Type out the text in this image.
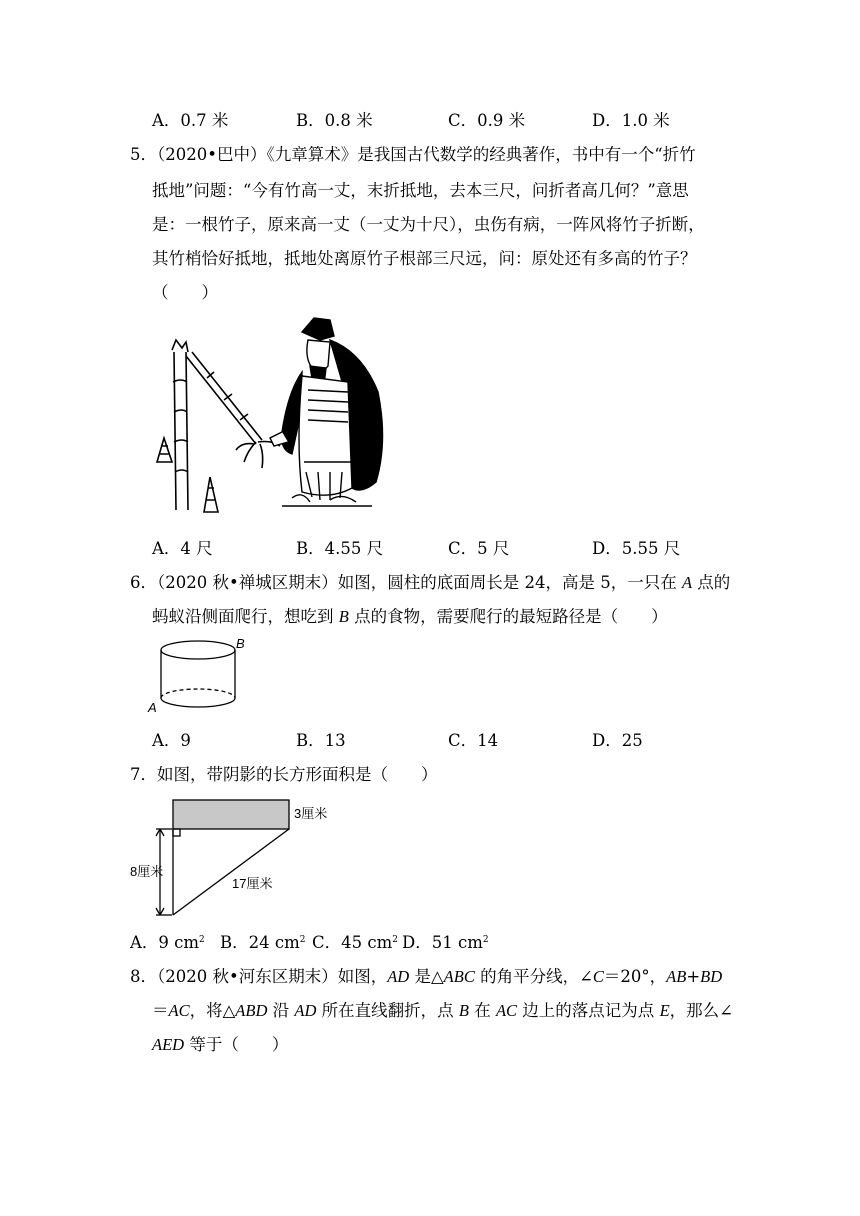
A．0.7 米	B．0.8 米	C．0.9 米	D．1.0 米
5．（2020•巴中）《九章算术》是我国古代数学的经典著作，书中有一个“折竹
抵地”问题：“今有竹高一丈，末折抵地，去本三尺，问折者高几何？”意思
是：一根竹子，原来高一丈（一丈为十尺），虫伤有病，一阵风将竹子折断，
其竹梢恰好抵地，抵地处离原竹子根部三尺远，问：原处还有多高的竹子？
（　　）
A．4 尺	B．4.55 尺	C．5 尺	D．5.55 尺
6．（2020 秋•禅城区期末）如图，圆柱的底面周长是 24，高是 5，一只在 A 点的
蚂蚁沿侧面爬行，想吃到 B 点的食物，需要爬行的最短路径是（　　）
B
A
A．9	B．13	C．14	D．25
7．如图，带阴影的长方形面积是（　　）
3厘米
8厘米
17厘米
A．9 $cm^2$ B．24 $cm^2$ C．45 $cm^2$ D．51 $cm^2$
8．（2020 秋•河东区期末）如图，AD 是△ABC 的角平分线，∠C＝20°，AB+BD
＝AC，将△ABD 沿 AD 所在直线翻折，点 B 在 AC 边上的落点记为点 E，那么∠
AED 等于（　　）
